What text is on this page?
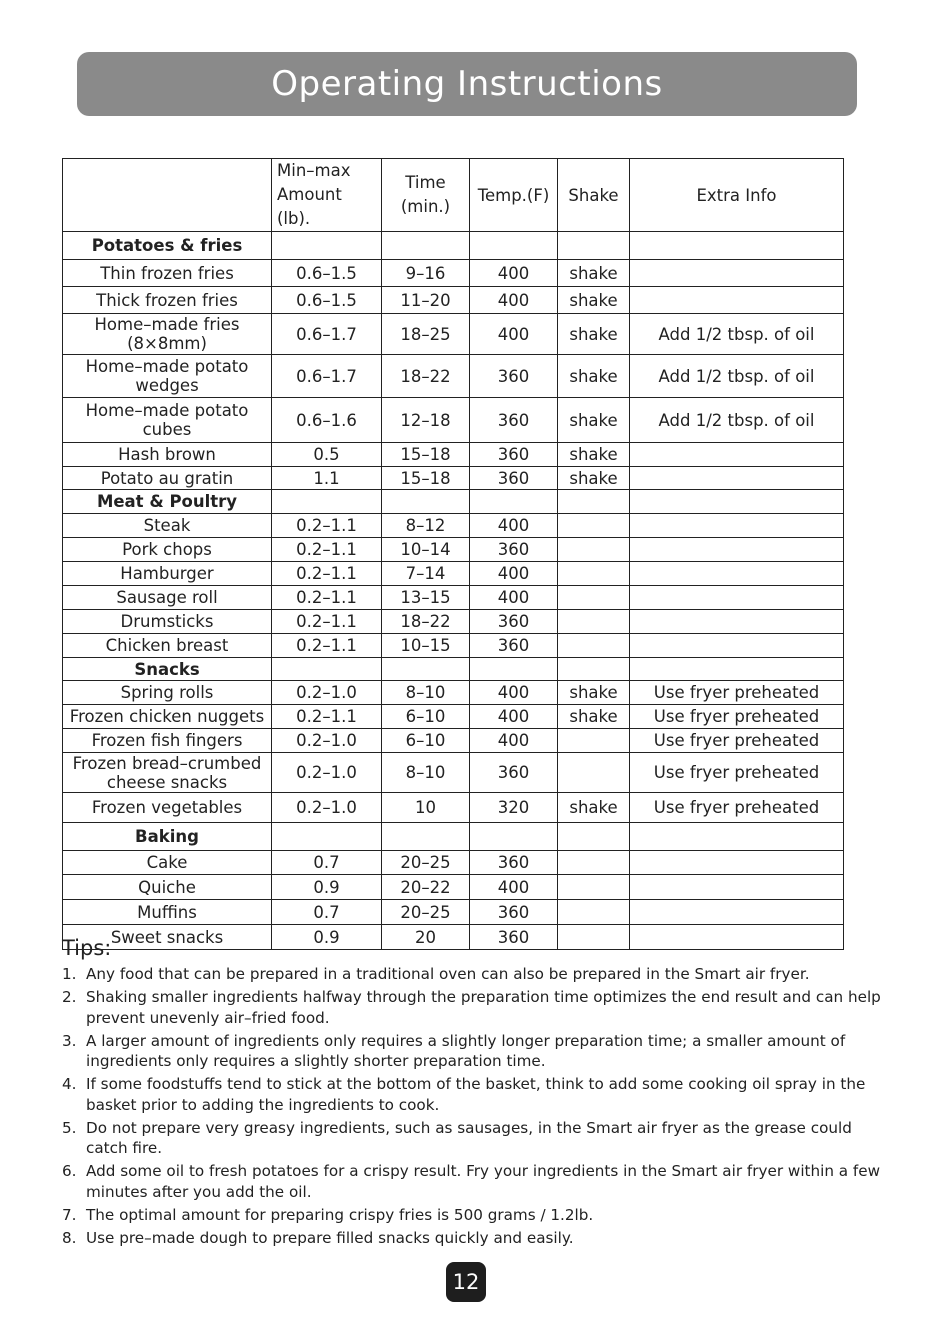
Operating Instructions
	Min–max Amount (lb).	Time (min.)	Temp.(F)	Shake	Extra Info
Potatoes & fries					
Thin frozen fries	0.6–1.5	9–16	400	shake	
Thick frozen fries	0.6–1.5	11–20	400	shake	
Home–made fries (8×8mm)	0.6–1.7	18–25	400	shake	Add 1/2 tbsp. of oil
Home–made potato wedges	0.6–1.7	18–22	360	shake	Add 1/2 tbsp. of oil
Home–made potato cubes	0.6–1.6	12–18	360	shake	Add 1/2 tbsp. of oil
Hash brown	0.5	15–18	360	shake	
Potato au gratin	1.1	15–18	360	shake	
Meat & Poultry					
Steak	0.2–1.1	8–12	400		
Pork chops	0.2–1.1	10–14	360		
Hamburger	0.2–1.1	7–14	400		
Sausage roll	0.2–1.1	13–15	400		
Drumsticks	0.2–1.1	18–22	360		
Chicken breast	0.2–1.1	10–15	360		
Snacks					
Spring rolls	0.2–1.0	8–10	400	shake	Use fryer preheated
Frozen chicken nuggets	0.2–1.1	6–10	400	shake	Use fryer preheated
Frozen fish fingers	0.2–1.0	6–10	400		Use fryer preheated
Frozen bread–crumbed cheese snacks	0.2–1.0	8–10	360		Use fryer preheated
Frozen vegetables	0.2–1.0	10	320	shake	Use fryer preheated
Baking					
Cake	0.7	20–25	360		
Quiche	0.9	20–22	400		
Muffins	0.7	20–25	360		
Sweet snacks	0.9	20	360		
Tips:
1. Any food that can be prepared in a traditional oven can also be prepared in the Smart air fryer.
2. Shaking smaller ingredients halfway through the preparation time optimizes the end result and can help prevent unevenly air–fried food.
3. A larger amount of ingredients only requires a slightly longer preparation time; a smaller amount of ingredients only requires a slightly shorter preparation time.
4. If some foodstuffs tend to stick at the bottom of the basket, think to add some cooking oil spray in the basket prior to adding the ingredients to cook.
5. Do not prepare very greasy ingredients, such as sausages, in the Smart air fryer as the grease could catch fire.
6. Add some oil to fresh potatoes for a crispy result. Fry your ingredients in the Smart air fryer within a few minutes after you add the oil.
7. The optimal amount for preparing crispy fries is 500 grams / 1.2lb.
8. Use pre–made dough to prepare filled snacks quickly and easily.
12
